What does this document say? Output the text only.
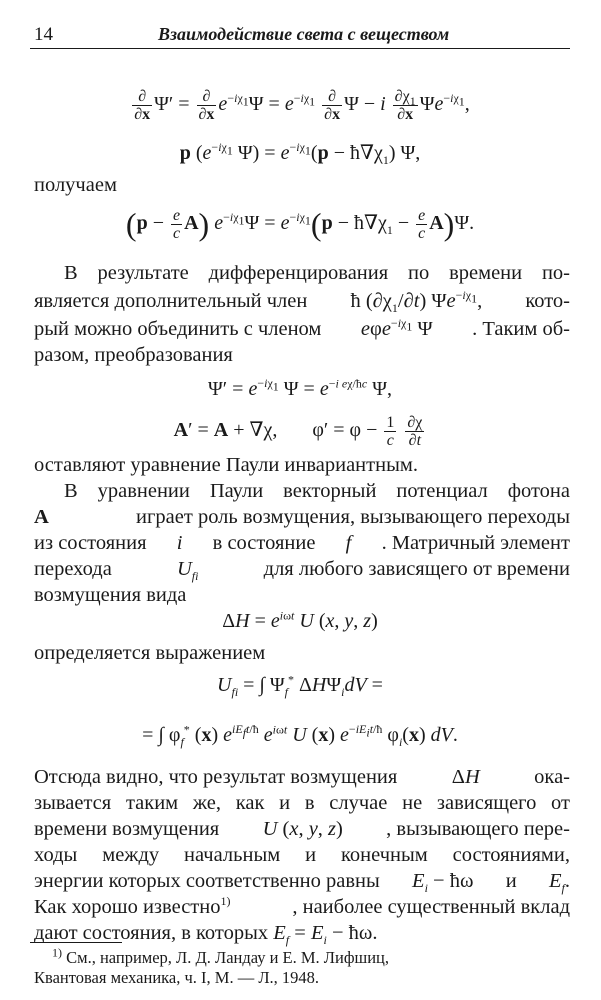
14	Взаимодействие света с веществом
$\frac{\partial}{\partial x} \Psi' = \frac{\partial}{\partial x} e^{-i\chi_1}\Psi = e^{-i\chi_1} \frac{\partial}{\partial x}$ Ψ − i $\frac{\partial\chi_1}{\partial x} \Psi e^{-i\chi_1}$,
p ($e^{-i\chi_1}$ $\Psi) = e^{-i\chi_1}(p$ − $ħ\nabla\chi_1$) Ψ,
получаем
$(p - \frac{e}{c} A)$ $e^{-i\chi_1}\Psi = e^{-i\chi_1}(p$ − $ħ\nabla\chi_1 - \frac{e}{c} A)\Psi$.
В результате дифференцирования по времени по-
является дополнительный член ħ $(\partial\chi_1/\partial t)$ $\Psi e^{-i\chi_1}$, кото-
рый можно объединить с членом eφe$^{-i\chi_1}$ Ψ . Таким об-
разом, преобразования
$\Psi' = e^{-i\chi_1}$ $\Psi = e^{-i e\chi/ħc}$ Ψ,
A′ = A + ∇χ,       $\varphi' = \varphi - \frac{1}{c}$
$\frac{\partial\chi}{\partial t}$
оставляют уравнение Паули инвариантным.
В уравнении Паули векторный потенциал фотона
A	играет роль возмущения, вызывающего переходы
из состояния i в состояние f . Матричный элемент
перехода	$U_{fi}$	для любого зависящего от времени
возмущения вида
$\Delta H = e^{i\omega t}$ U (x, y, z)
определяется выражением
$U_{fi}$ = ∫ $\Psi_f^*$ $\Delta H\Psi_idV$ =
= ∫ $\varphi_f^*$ (x) $e^{iE_ft/ħ}$ $e^{i\omega t}$ U (x) $e^{-iE_it/ħ}$ $\varphi_i(x)$ dV.
Отсюда видно, что результат возмущения	ΔH	ока-
зывается таким же, как и в случае не зависящего от
времени возмущения U (x, y, z) , вызывающего пере-
ходы между начальным и конечным состояниями,
энергии которых соответственно равны $E_i$ − ħω и $E_f$.
Как хорошо известно$^{1)}$	, наиболее существенный вклад
дают состояния, в которых $E_f = E_i$ − ħω.
$^{1)}$ См., например, Л. Д. Ландау и Е. М. Лифшиц,
Квантовая механика, ч. I, М. — Л., 1948.
